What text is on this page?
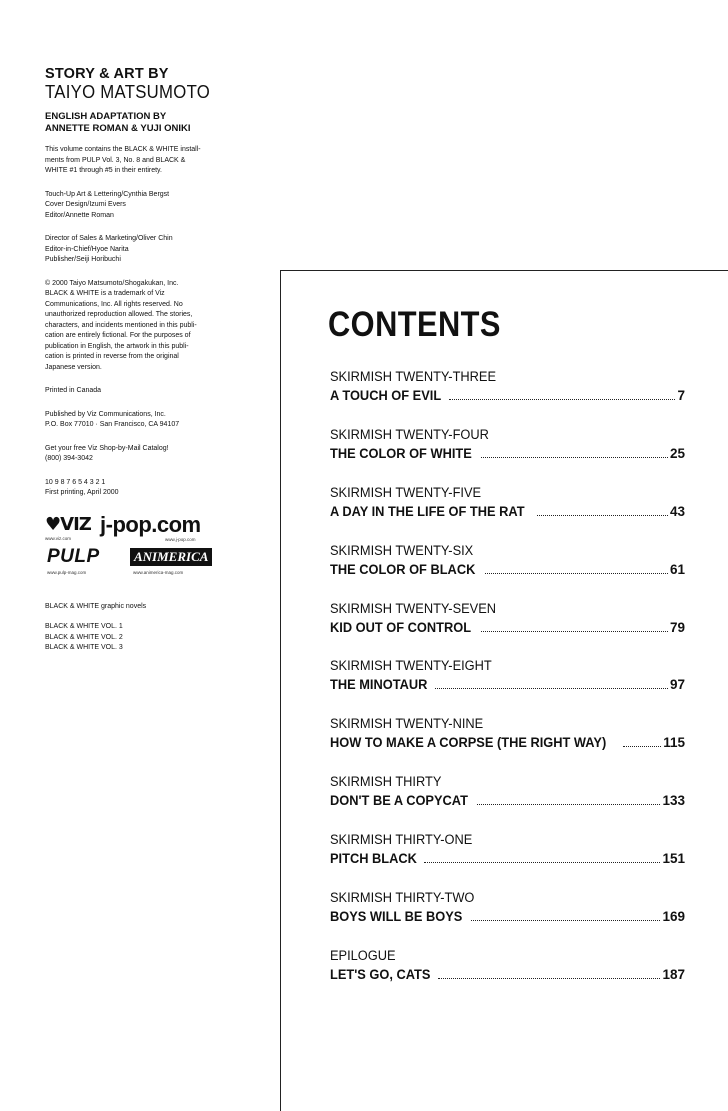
STORY & ART BY
TAIYO MATSUMOTO
ENGLISH ADAPTATION BY
ANNETTE ROMAN & YUJI ONIKI
This volume contains the BLACK & WHITE install-
ments from PULP Vol. 3, No. 8 and BLACK &
WHITE #1 through #5 in their entirety.
Touch-Up Art & Lettering/Cynthia Bergst
Cover Design/Izumi Evers
Editor/Annette Roman
Director of Sales & Marketing/Oliver Chin
Editor-in-Chief/Hyoe Narita
Publisher/Seiji Horibuchi
© 2000 Taiyo Matsumoto/Shogakukan, Inc.
BLACK & WHITE is a trademark of Viz
Communications, Inc. All rights reserved. No
unauthorized reproduction allowed. The stories,
characters, and incidents mentioned in this publi-
cation are entirely fictional. For the purposes of
publication in English, the artwork in this publi-
cation is printed in reverse from the original
Japanese version.
Printed in Canada
Published by Viz Communications, Inc.
P.O. Box 77010 · San Francisco, CA 94107
Get your free Viz Shop-by-Mail Catalog!
(800) 394-3042
10 9 8 7 6 5 4 3 2 1
First printing, April 2000
♥VIZ
www.viz.com
j-pop.com
www.j-pop.com
PULP
www.pulp-mag.com
ANIMERICA
www.animerica-mag.com
BLACK & WHITE graphic novels
BLACK & WHITE VOL. 1
BLACK & WHITE VOL. 2
BLACK & WHITE VOL. 3
CONTENTS
SKIRMISH TWENTY-THREE
A TOUCH OF EVIL	7
SKIRMISH TWENTY-FOUR
THE COLOR OF WHITE	25
SKIRMISH TWENTY-FIVE
A DAY IN THE LIFE OF THE RAT	43
SKIRMISH TWENTY-SIX
THE COLOR OF BLACK	61
SKIRMISH TWENTY-SEVEN
KID OUT OF CONTROL	79
SKIRMISH TWENTY-EIGHT
THE MINOTAUR	97
SKIRMISH TWENTY-NINE
HOW TO MAKE A CORPSE (THE RIGHT WAY)	115
SKIRMISH THIRTY
DON'T BE A COPYCAT	133
SKIRMISH THIRTY-ONE
PITCH BLACK	151
SKIRMISH THIRTY-TWO
BOYS WILL BE BOYS	169
EPILOGUE
LET'S GO, CATS	187
